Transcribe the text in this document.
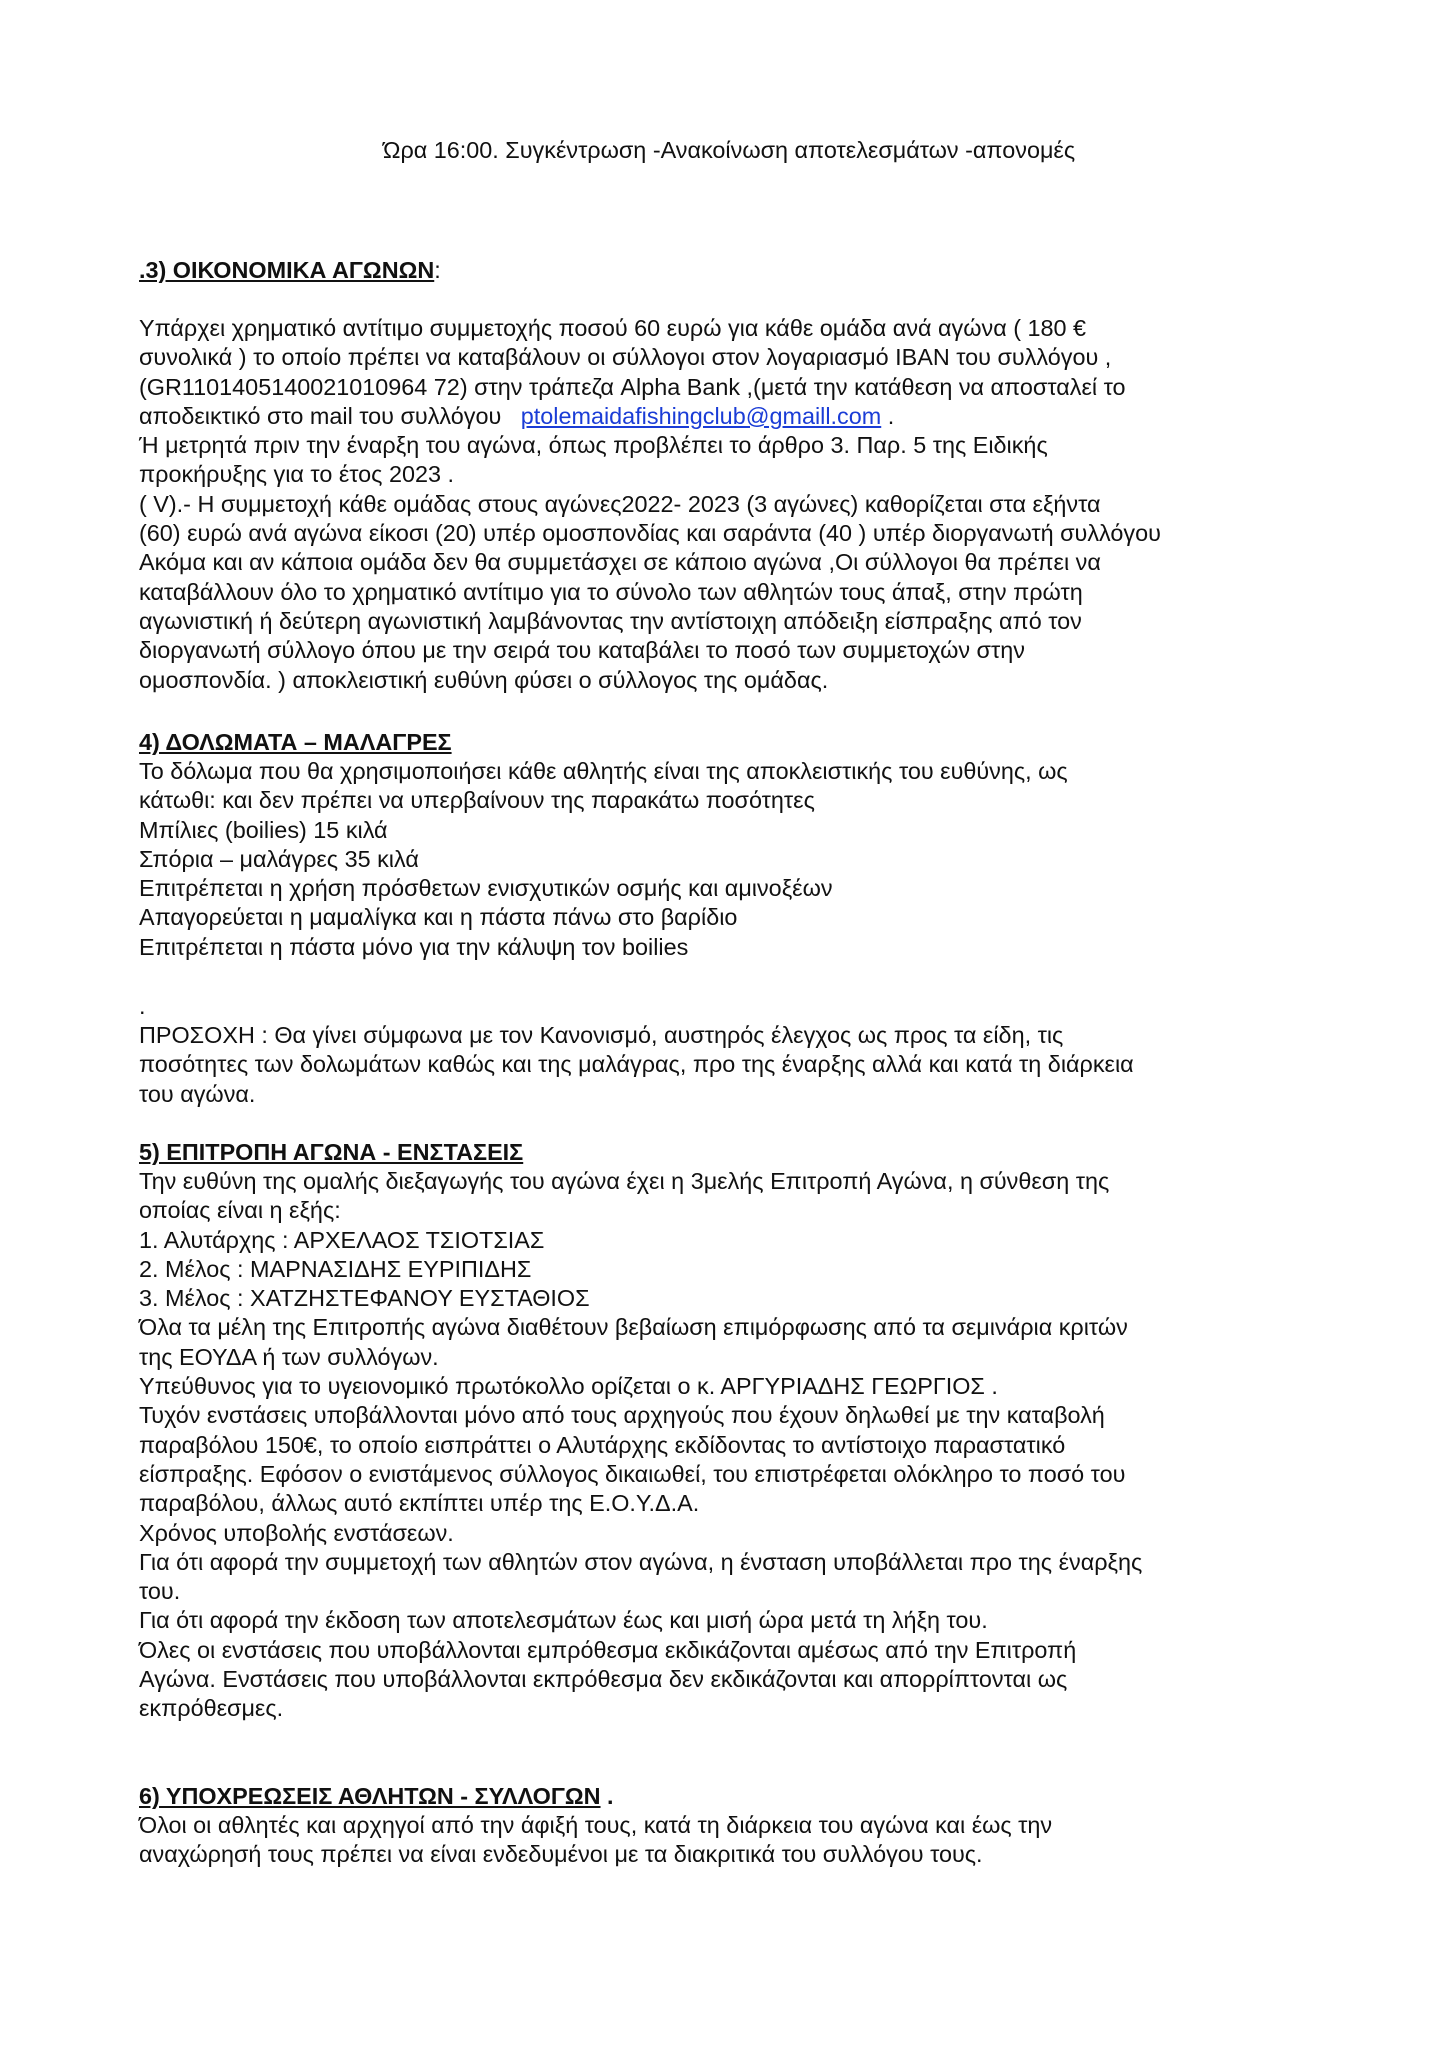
Ώρα 16:00. Συγκέντρωση -Ανακοίνωση αποτελεσμάτων -απονομές

.3) ΟΙΚΟΝΟΜΙΚΑ ΑΓΩΝΩΝ:

Υπάρχει χρηματικό αντίτιμο συμμετοχής ποσού 60 ευρώ για κάθε ομάδα ανά αγώνα ( 180 €

συνολικά ) το οποίο πρέπει να καταβάλουν οι σύλλογοι στον λογαριασμό IBAN του συλλόγου ,

(GR1101405140021010964 72) στην τράπεζα Alpha Bank ,(μετά την κατάθεση να αποσταλεί το

αποδεικτικό στο mail του συλλόγου   ptolemaidafishingclub@gmaill.com .

Ή μετρητά πριν την έναρξη του αγώνα, όπως προβλέπει το άρθρο 3. Παρ. 5 της Ειδικής

προκήρυξης για το έτος 2023 .

( V).- Η συμμετοχή κάθε ομάδας στους αγώνες2022- 2023 (3 αγώνες) καθορίζεται στα εξήντα

(60) ευρώ ανά αγώνα είκοσι (20) υπέρ ομοσπονδίας και σαράντα (40 ) υπέρ διοργανωτή συλλόγου

Ακόμα και αν κάποια ομάδα δεν θα συμμετάσχει σε κάποιο αγώνα ,Οι σύλλογοι θα πρέπει να

καταβάλλουν όλο το χρηματικό αντίτιμο για το σύνολο των αθλητών τους άπαξ, στην πρώτη

αγωνιστική ή δεύτερη αγωνιστική λαμβάνοντας την αντίστοιχη απόδειξη είσπραξης από τον

διοργανωτή σύλλογο όπου με την σειρά του καταβάλει το ποσό των συμμετοχών στην

ομοσπονδία. ) αποκλειστική ευθύνη φύσει ο σύλλογος της ομάδας.

4) ΔΟΛΩΜΑΤΑ – ΜΑΛΑΓΡΕΣ

Το δόλωμα που θα χρησιμοποιήσει κάθε αθλητής είναι της αποκλειστικής του ευθύνης, ως

κάτωθι: και δεν πρέπει να υπερβαίνουν της παρακάτω ποσότητες

Μπίλιες (boilies) 15 κιλά

Σπόρια – μαλάγρες 35 κιλά

Επιτρέπεται η χρήση πρόσθετων ενισχυτικών οσμής και αμινοξέων

Απαγορεύεται η μαμαλίγκα και η πάστα πάνω στο βαρίδιο

Επιτρέπεται η πάστα μόνο για την κάλυψη τον boilies

.

ΠΡΟΣΟΧΗ : Θα γίνει σύμφωνα με τον Κανονισμό, αυστηρός έλεγχος ως προς τα είδη, τις

ποσότητες των δολωμάτων καθώς και της μαλάγρας, προ της έναρξης αλλά και κατά τη διάρκεια

του αγώνα.

5) ΕΠΙΤΡΟΠΗ ΑΓΩΝΑ - ΕΝΣΤΑΣΕΙΣ

Την ευθύνη της ομαλής διεξαγωγής του αγώνα έχει η 3μελής Επιτροπή Αγώνα, η σύνθεση της

οποίας είναι η εξής:

1. Αλυτάρχης : ΑΡΧΕΛΑΟΣ ΤΣΙΟΤΣΙΑΣ

2. Μέλος : ΜΑΡΝΑΣΙΔΗΣ ΕΥΡΙΠΙΔΗΣ

3. Μέλος : ΧΑΤΖΗΣΤΕΦΑΝΟΥ ΕΥΣΤΑΘΙΟΣ

Όλα τα μέλη της Επιτροπής αγώνα διαθέτουν βεβαίωση επιμόρφωσης από τα σεμινάρια κριτών

της ΕΟΥΔΑ ή των συλλόγων.

Υπεύθυνος για το υγειονομικό πρωτόκολλο ορίζεται ο κ. ΑΡΓΥΡΙΑΔΗΣ ΓΕΩΡΓΙΟΣ .

Τυχόν ενστάσεις υποβάλλονται μόνο από τους αρχηγούς που έχουν δηλωθεί με την καταβολή

παραβόλου 150€, το οποίο εισπράττει ο Αλυτάρχης εκδίδοντας το αντίστοιχο παραστατικό

είσπραξης. Εφόσον ο ενιστάμενος σύλλογος δικαιωθεί, του επιστρέφεται ολόκληρο το ποσό του

παραβόλου, άλλως αυτό εκπίπτει υπέρ της Ε.Ο.Υ.Δ.Α.

Χρόνος υποβολής ενστάσεων.

Για ότι αφορά την συμμετοχή των αθλητών στον αγώνα, η ένσταση υποβάλλεται προ της έναρξης

του.

Για ότι αφορά την έκδοση των αποτελεσμάτων έως και μισή ώρα μετά τη λήξη του.

Όλες οι ενστάσεις που υποβάλλονται εμπρόθεσμα εκδικάζονται αμέσως από την Επιτροπή

Αγώνα. Ενστάσεις που υποβάλλονται εκπρόθεσμα δεν εκδικάζονται και απορρίπτονται ως

εκπρόθεσμες.

6) ΥΠΟΧΡΕΩΣΕΙΣ ΑΘΛΗΤΩΝ - ΣΥΛΛΟΓΩΝ .

Όλοι οι αθλητές και αρχηγοί από την άφιξή τους, κατά τη διάρκεια του αγώνα και έως την

αναχώρησή τους πρέπει να είναι ενδεδυμένοι με τα διακριτικά του συλλόγου τους.
